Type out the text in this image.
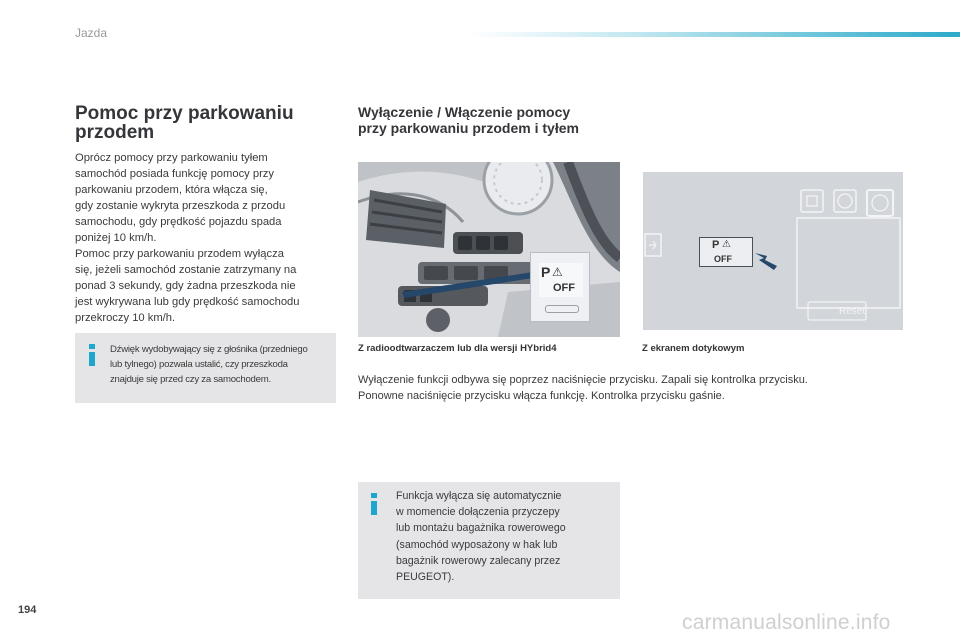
Jazda
Pomoc przy parkowaniu
przodem

Oprócz pomocy przy parkowaniu tyłem

samochód posiada funkcję pomocy przy

parkowaniu przodem, która włącza się,

gdy zostanie wykryta przeszkoda z przodu

samochodu, gdy prędkość pojazdu spada

poniżej 10 km/h.

Pomoc przy parkowaniu przodem wyłącza

się, jeżeli samochód zostanie zatrzymany na

ponad 3 sekundy, gdy żadna przeszkoda nie

jest wykrywana lub gdy prędkość samochodu

przekroczy 10 km/h.

Dźwięk wydobywający się z głośnika (przedniego
lub tylnego) pozwala ustalić, czy przeszkoda
znajduje się przed czy za samochodem.
Wyłączenie / Włączenie pomocy
przy parkowaniu przodem i tyłem
P ⚠
OFF
P ⚠
OFF
Reset
Z radioodtwarzaczem lub dla wersji HYbrid4	Z ekranem dotykowym

Wyłączenie funkcji odbywa się poprzez naciśnięcie przycisku. Zapali się kontrolka przycisku.

Ponowne naciśnięcie przycisku włącza funkcję. Kontrolka przycisku gaśnie.

Funkcja wyłącza się automatycznie
w momencie dołączenia przyczepy
lub montażu bagażnika rowerowego
(samochód wyposażony w hak lub
bagażnik rowerowy zalecany przez
PEUGEOT).
194
carmanualsonline.info
